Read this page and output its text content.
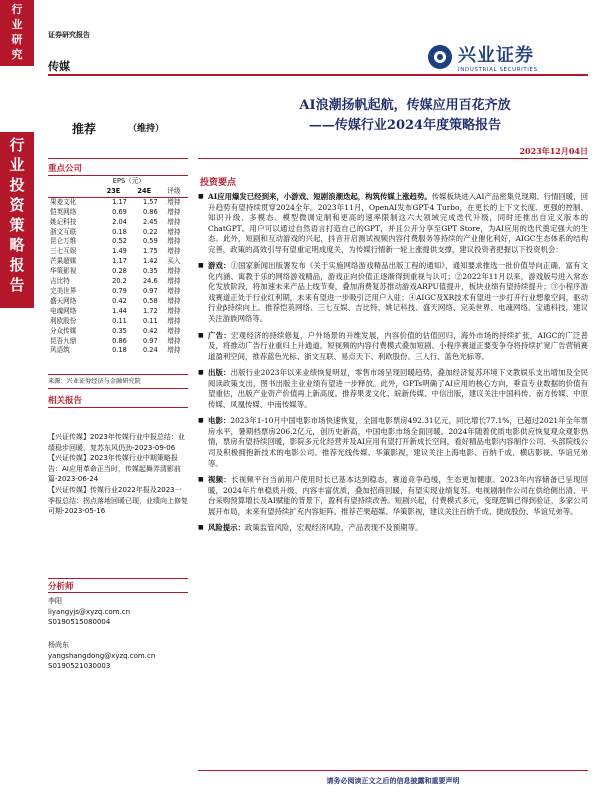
行
业
研
究
行
业
投
资
策
略
报
告
证券研究报告
传媒
兴业证券
INDUSTRIAL SECURITIES
AI浪潮扬帆起航，传媒应用百花齐放
——传媒行业2024年度策略报告
推荐	（维持）
2023年12月04日
重点公司
	EPS（元）		
	23E	24E	评级
果麦文化	1.17	1.57	增持
恺英网络	0.69	0.86	增持
姚记科技	2.04	2.45	增持
浙文互联	0.18	0.22	增持
昆仑万维	0.52	0.59	增持
三七互娱	1.49	1.75	增持
芒果超媒	1.17	1.42	买入
华策影视	0.28	0.35	增持
吉比特	20.2	24.6	增持
完美世界	0.79	0.97	增持
盛天网络	0.42	0.58	增持
电魂网络	1.44	1.72	增持
利欧股份	0.11	0.11	增持
分众传媒	0.35	0.42	增持
昆吾九鼎	0.86	0.97	增持
风语筑	0.18	0.24	增持
来源：兴业证券经济与金融研究院
相关报告
【兴证传媒】2023年传媒行业中报总结：业绩稳步回暖，复苏东风仍劲-2023-09-06
【兴证传媒】2023年传媒行业中期策略报告：AI应用革命正当时，传媒起舞弄清影前篇-2023-06-24
【兴证传媒】传媒行业2022年报及2023一季报总结：拐点落地回暖已现，业绩向上修复可期-2023-05-16
分析师
李阳
liyangyjs@xyzq.com.cn
S0190515080004
杨尚东
yangshangdong@xyzq.com.cn
S0190521030003
投资要点

■ AI应用爆发已经到来，小游戏、短剧浪潮迭起，构筑传媒上涨趋势。传媒板块进入AI产品密集兑现期、行情回暖，回升趋势有望持续贯穿2024全年。2023年11月，OpenAI发布GPT-4 Turbo，在更长的上下文长度、更强的控制、知识升级、多模态、模型微调定制和更高的速率限制这六大领域完成迭代升级，同时还推出自定义版本的ChatGPT。用户可以通过自然语言打造自己的GPT，并且公开分享至GPT Store，为AI应用的迭代奠定强大的生态。此外，短剧和互动游戏的兴起，抖音开启测试视频内容付费服务等持续的产业催化利好，AIGC生态体系的结构完善，政策的高效引导有望重定明成度关，为传媒行情新一轮上涨提供支撑，建议投资者把握以下投资机会：

■ 游戏：①国家新闻出版署发布《关于实施网络游戏精品出版工程的通知》，通知要求推选一批价值导向正确、富有文化内涵、寓教于乐的网络游戏精品，游戏正向价值正逐渐得到重视与认可；②2022年11月以来，游戏版号进入常态化发放阶段，将加速未来产品上线节奏，叠加消费复苏推动游戏ARPU值提升，板块业绩有望持续提升；③小程序游戏赛道正处于行业红利期，未来有望进一步吸引泛用户入驻；④AIGC及XR技术有望进一步打开行业想象空间，驱动行业β持续向上。推荐恺英网络、三七互娱、吉比特、姚记科技、盛天网络、完美世界、电魂网络、宝通科技，建议关注游族网络等。

■ 广告：宏观经济的持续修复，户外场景的升维发展，内容价值的估值回归，海外市场的持续扩张，AIGC的广泛普及，将推动广告行业重归上升通道。短视频的内容付费模式叠加短剧、小程序赛道正要变争夺将持续扩宽广告营销赛道盈利空间，推荐蓝色光标、浙文互联、易点天下、利欧股份、三人行、蓝色光标等。

■ 出版：出版行业2023年以来业绩恢复明显，零售市场呈现回暖趋势，叠加经济复苏环境下文教娱乐支出增加及全民阅读政策支出，图书出版主业业绩有望进一步释放。此外，GPTs明确了AI应用的核心方向，垂直专业数据的价值有望重估，出版产业资产价值再上新高度。推荐果麦文化、皖新传媒、中信出版，建议关注中国科传、南方传媒、中原传媒、凤凰传媒、中南传媒等。

■ 电影：2023年1-10月中国电影市场快速恢复，全国电影票房492.31亿元，同比增长77.1%，已超过2021年全年票房水平，暑期档票房206.2亿元，创历史新高，中国电影市场全面回暖。2024年随着优质电影供应恢复观众观影热情，票房有望持续回暖，影院多元化经营并及AI应用有望打开新成长空间，看好精品电影内容制作公司、头部院线公司及积极拥抱新技术的电影公司。推荐光线传媒、华策影视，建议关注上海电影、百纳千成、横店影视、华谊兄弟等。

■ 视频：长视频平台当前用户使用时长已基本达到稳态，赛道竞争趋缓，生态更加健康。2023年内容储备已呈现回暖，2024年片单稳质升级、内容丰富优质，叠加招商回暖，有望实现业绩复苏。电视剧制作公司在供给侧出清、平台采购预算增长及AI赋能的背景下，盈利有望持续改善。短剧兴起，付费模式多元，变现逻辑已得到验证，多家公司展开布局，未来有望持续扩充内容矩阵。推荐芒果超媒、华策影视，建议关注百纳千成、捷成股份、华谊兄弟等。

■ 风险提示：政策监管风险，宏观经济风险，产品表现不及预期等。

请务必阅读正文之后的信息披露和重要声明
